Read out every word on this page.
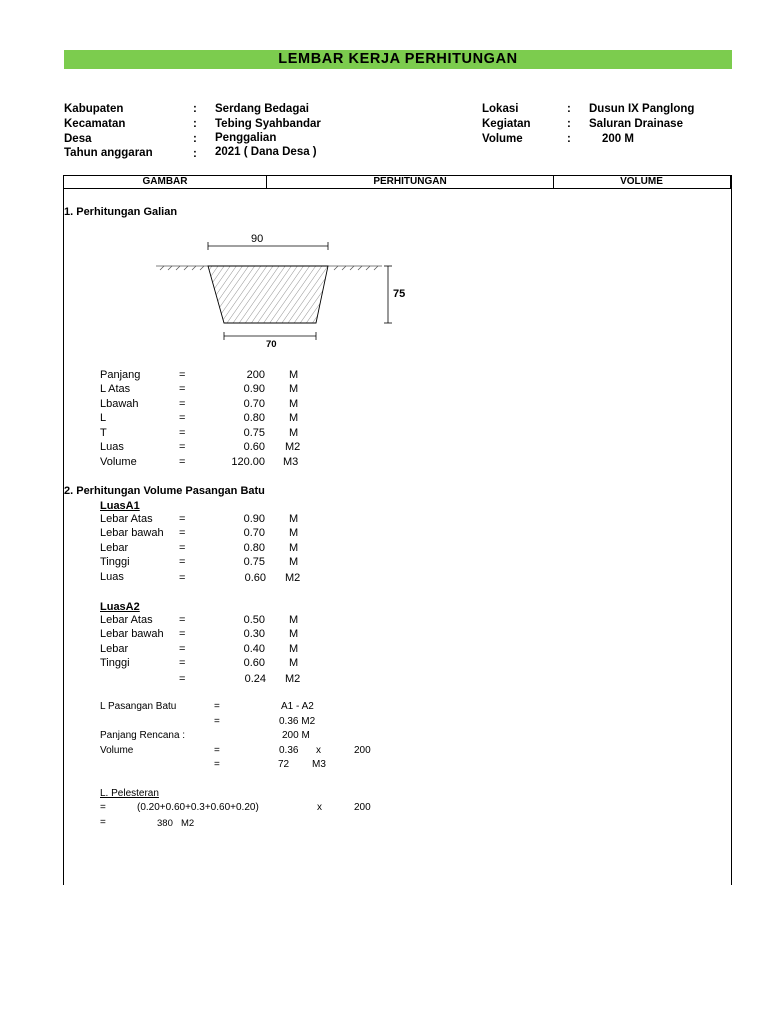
LEMBAR KERJA PERHITUNGAN
Kabupaten	: Serdang Bedagai
Kecamatan	: Tebing Syahbandar
Desa	: Penggalian
Tahun anggaran	: 2021 ( Dana Desa )
Lokasi	: Dusun IX Panglong
Kegiatan	: Saluran Drainase
Volume	:	200 M
GAMBAR	PERHITUNGAN	VOLUME
1. Perhitungan Galian
90
75
70
Panjang	=	200 M
L Atas	=	0.90 M
Lbawah	=	0.70 M
L	=	0.80 M
T	=	0.75 M
Luas	=	0.60 M2
Volume	=	120.00 M3
2. Perhitungan Volume Pasangan Batu
LuasA1
Lebar Atas =	0.90 M
Lebar bawah =	0.70 M
Lebar	=	0.80 M
Tinggi	=	0.75 M
Luas	=	0.60 M2
LuasA2
Lebar Atas =	0.50 M
Lebar bawah =	0.30 M
Lebar	=	0.40 M
Tinggi	=	0.60 M
=	0.24 M2
L Pasangan Batu	=	A1 - A2
=	0.36 M2
Panjang Rencana :	200 M
Volume	=	0.36 x	200
=	72 M3
L. Pelesteran
=	(0.20+0.60+0.3+0.60+0.20)	x	200
=	380 M2
